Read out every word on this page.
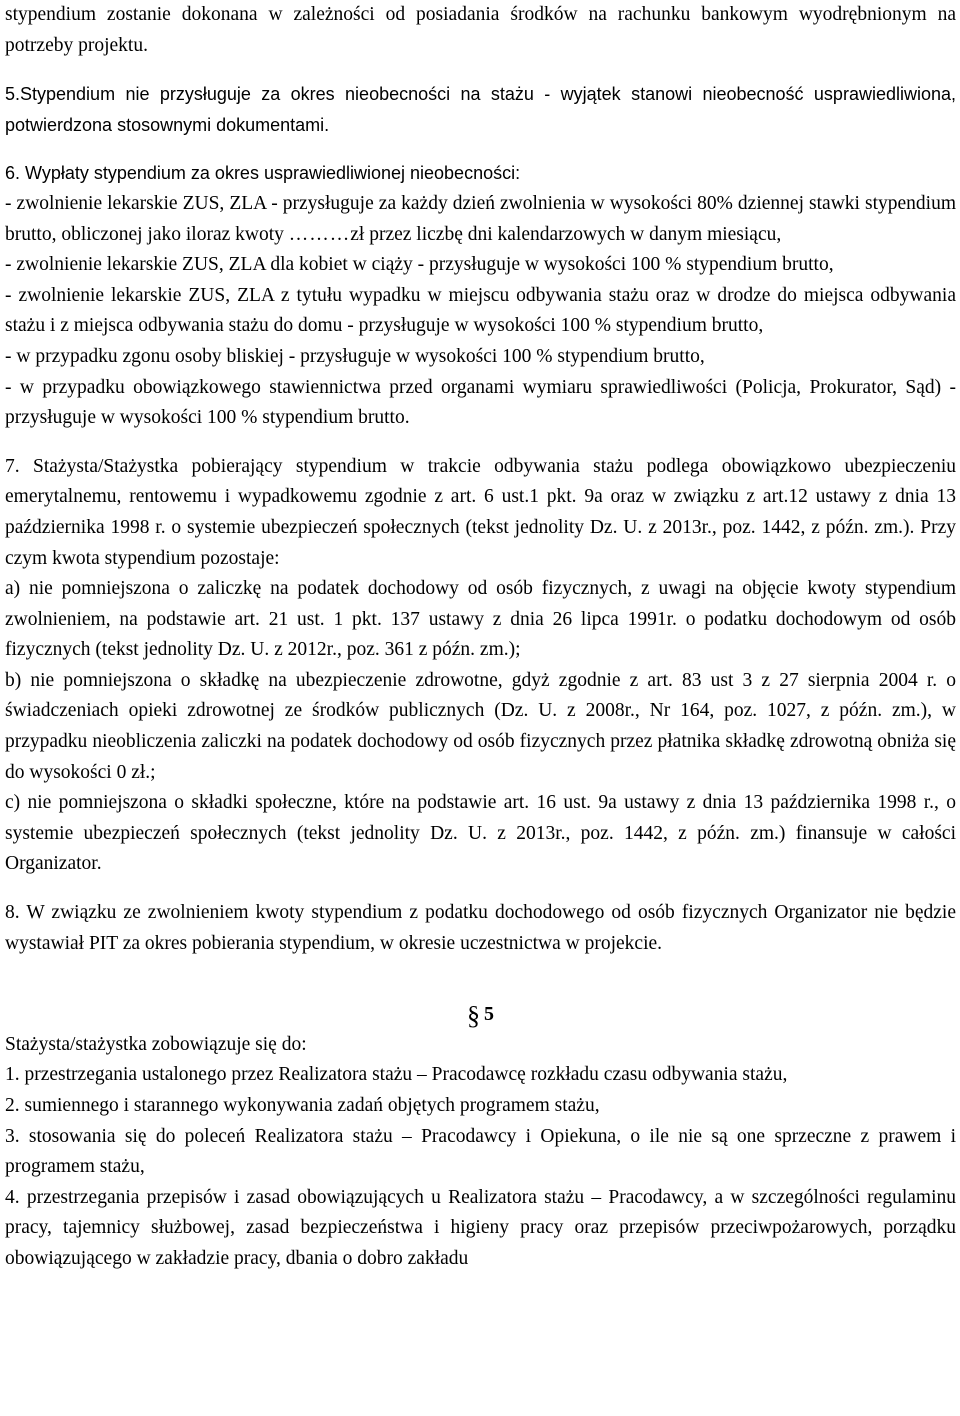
stypendium zostanie dokonana w zależności od posiadania środków na rachunku bankowym wyodrębnionym na potrzeby projektu.

5.Stypendium nie przysługuje za okres nieobecności na stażu - wyjątek stanowi nieobecność usprawiedliwiona, potwierdzona stosownymi dokumentami.

6. Wypłaty stypendium za okres usprawiedliwionej nieobecności:

- zwolnienie lekarskie ZUS, ZLA - przysługuje za każdy dzień zwolnienia w wysokości 80% dziennej stawki stypendium brutto, obliczonej jako iloraz kwoty ………zł przez liczbę dni kalendarzowych w danym miesiącu,

- zwolnienie lekarskie ZUS, ZLA dla kobiet w ciąży - przysługuje w wysokości 100 % stypendium brutto,

- zwolnienie lekarskie ZUS, ZLA z tytułu wypadku w miejscu odbywania stażu oraz w drodze do miejsca odbywania stażu i z miejsca odbywania stażu do domu - przysługuje w wysokości 100 % stypendium brutto,

- w przypadku zgonu osoby bliskiej - przysługuje w wysokości 100 % stypendium brutto,

- w przypadku obowiązkowego stawiennictwa przed organami wymiaru sprawiedliwości (Policja, Prokurator, Sąd) - przysługuje w wysokości 100 % stypendium brutto.

7. Stażysta/Stażystka pobierający stypendium w trakcie odbywania stażu podlega obowiązkowo ubezpieczeniu emerytalnemu, rentowemu i wypadkowemu zgodnie z art. 6 ust.1 pkt. 9a oraz w związku z art.12 ustawy z dnia 13 października 1998 r. o systemie ubezpieczeń społecznych (tekst jednolity Dz. U. z 2013r., poz. 1442, z późn. zm.). Przy czym kwota stypendium pozostaje:

a) nie pomniejszona o zaliczkę na podatek dochodowy od osób fizycznych, z uwagi na objęcie kwoty stypendium zwolnieniem, na podstawie art. 21 ust. 1 pkt. 137 ustawy z dnia 26 lipca 1991r. o podatku dochodowym od osób fizycznych (tekst jednolity Dz. U. z 2012r., poz. 361 z późn. zm.);

b) nie pomniejszona o składkę na ubezpieczenie zdrowotne, gdyż zgodnie z art. 83 ust 3 z 27 sierpnia 2004 r. o świadczeniach opieki zdrowotnej ze środków publicznych (Dz. U. z 2008r., Nr 164, poz. 1027, z późn. zm.), w przypadku nieobliczenia zaliczki na podatek dochodowy od osób fizycznych przez płatnika składkę zdrowotną obniża się do wysokości 0 zł.;

c) nie pomniejszona o składki społeczne, które na podstawie art. 16 ust. 9a ustawy z dnia 13 października 1998 r., o systemie ubezpieczeń społecznych (tekst jednolity Dz. U. z 2013r., poz. 1442, z późn. zm.) finansuje w całości Organizator.

8. W związku ze zwolnieniem kwoty stypendium z podatku dochodowego od osób fizycznych Organizator nie będzie wystawiał PIT za okres pobierania stypendium, w okresie uczestnictwa w projekcie.

§ 5

Stażysta/stażystka zobowiązuje się do:

1. przestrzegania ustalonego przez Realizatora stażu – Pracodawcę rozkładu czasu odbywania stażu,

2. sumiennego i starannego wykonywania zadań objętych programem stażu,

3. stosowania się do poleceń Realizatora stażu – Pracodawcy i Opiekuna, o ile nie są one sprzeczne z prawem i programem stażu,

4. przestrzegania przepisów i zasad obowiązujących u Realizatora stażu – Pracodawcy, a w szczególności regulaminu pracy, tajemnicy służbowej, zasad bezpieczeństwa i higieny pracy oraz przepisów przeciwpożarowych, porządku obowiązującego w zakładzie pracy, dbania o dobro zakładu
